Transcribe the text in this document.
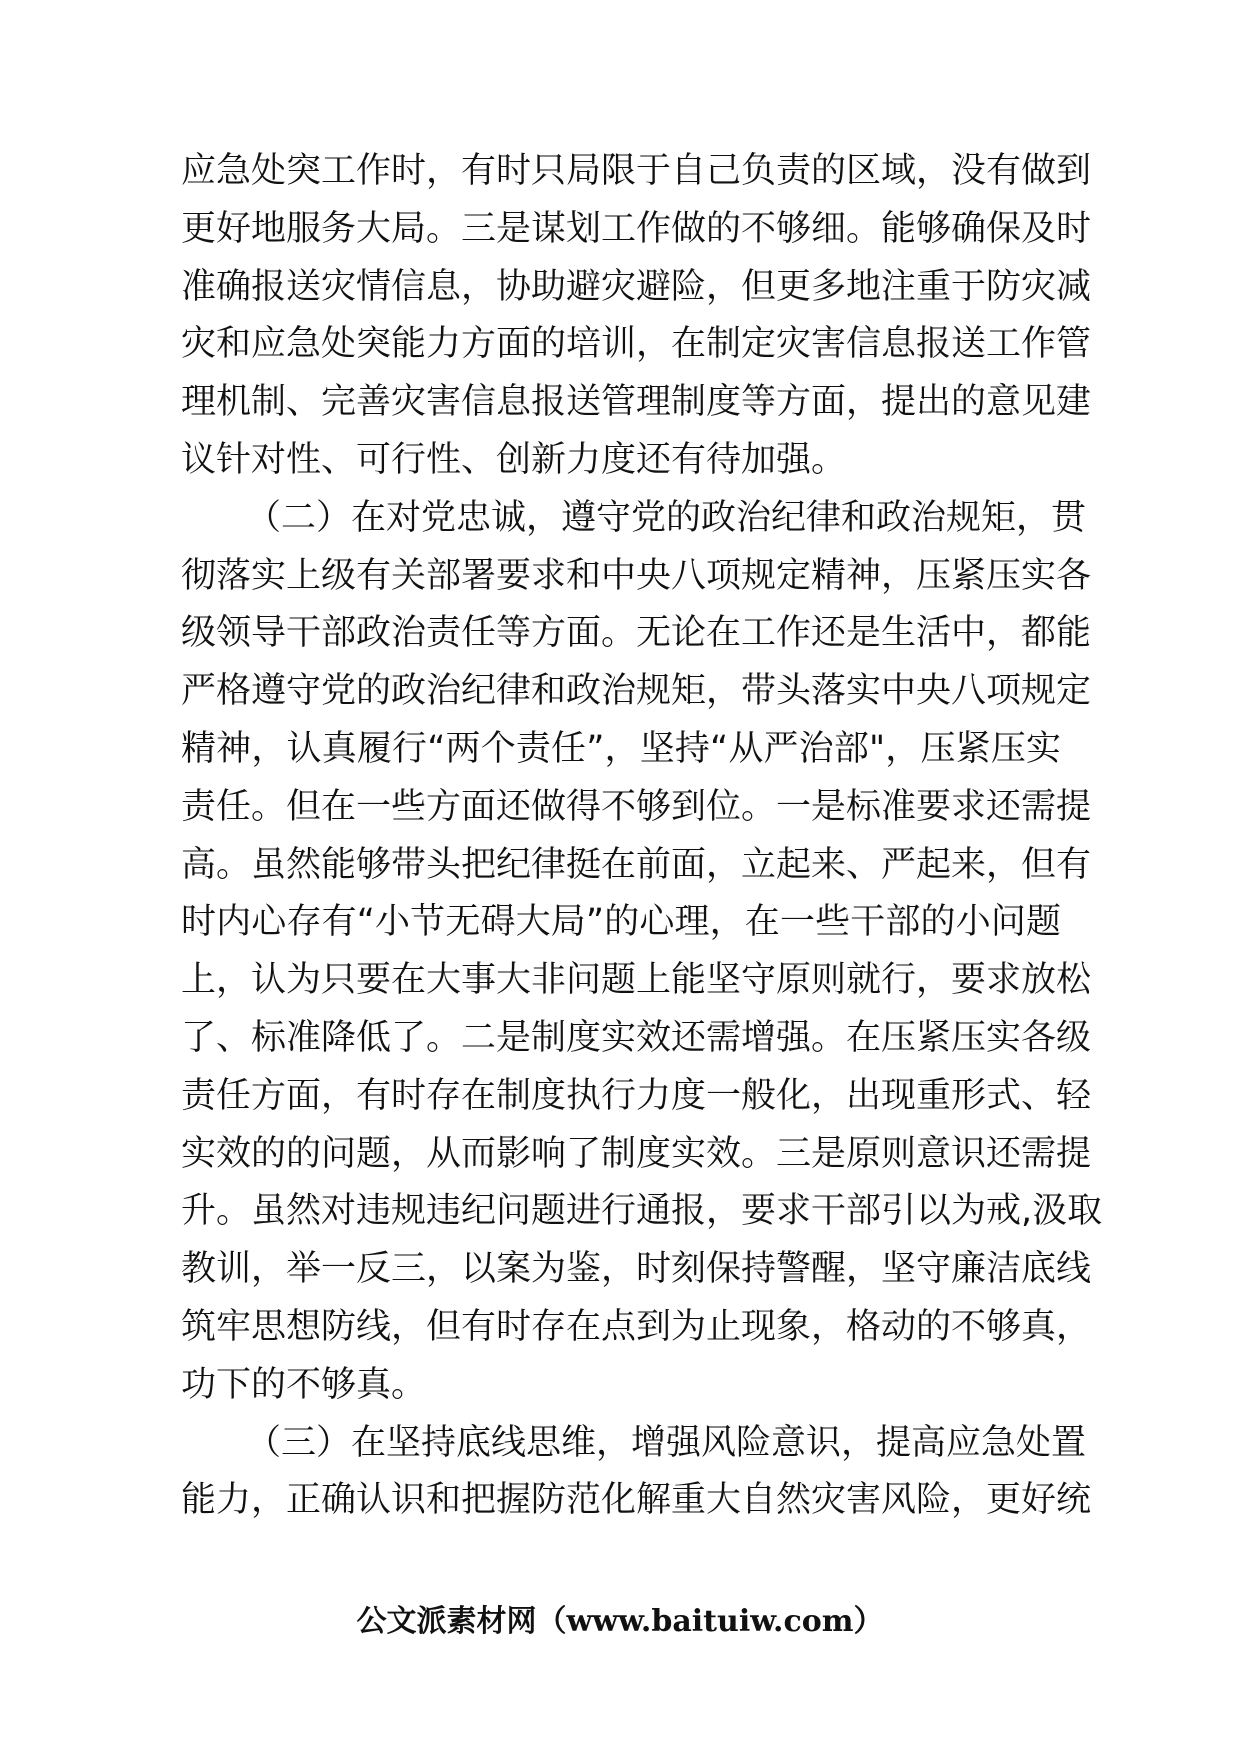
应急处突工作时，有时只局限于自己负责的区域，没有做到
更好地服务大局。三是谋划工作做的不够细。能够确保及时
准确报送灾情信息，协助避灾避险，但更多地注重于防灾减
灾和应急处突能力方面的培训，在制定灾害信息报送工作管
理机制、完善灾害信息报送管理制度等方面，提出的意见建
议针对性、可行性、创新力度还有待加强。
（二）在对党忠诚，遵守党的政治纪律和政治规矩，贯
彻落实上级有关部署要求和中央八项规定精神，压紧压实各
级领导干部政治责任等方面。无论在工作还是生活中，都能
严格遵守党的政治纪律和政治规矩，带头落实中央八项规定
精神，认真履行“两个责任”，坚持“从严治部"，压紧压实
责任。但在一些方面还做得不够到位。一是标准要求还需提
高。虽然能够带头把纪律挺在前面，立起来、严起来，但有
时内心存有“小节无碍大局”的心理，在一些干部的小问题
上，认为只要在大事大非问题上能坚守原则就行，要求放松
了、标准降低了。二是制度实效还需增强。在压紧压实各级
责任方面，有时存在制度执行力度一般化，出现重形式、轻
实效的的问题，从而影响了制度实效。三是原则意识还需提
升。虽然对违规违纪问题进行通报，要求干部引以为戒,汲取
教训，举一反三，以案为鉴，时刻保持警醒，坚守廉洁底线
筑牢思想防线，但有时存在点到为止现象，格动的不够真，
功下的不够真。
（三）在坚持底线思维，增强风险意识，提高应急处置
能力，正确认识和把握防范化解重大自然灾害风险，更好统
公文派素材网（www.baituiw.com）
